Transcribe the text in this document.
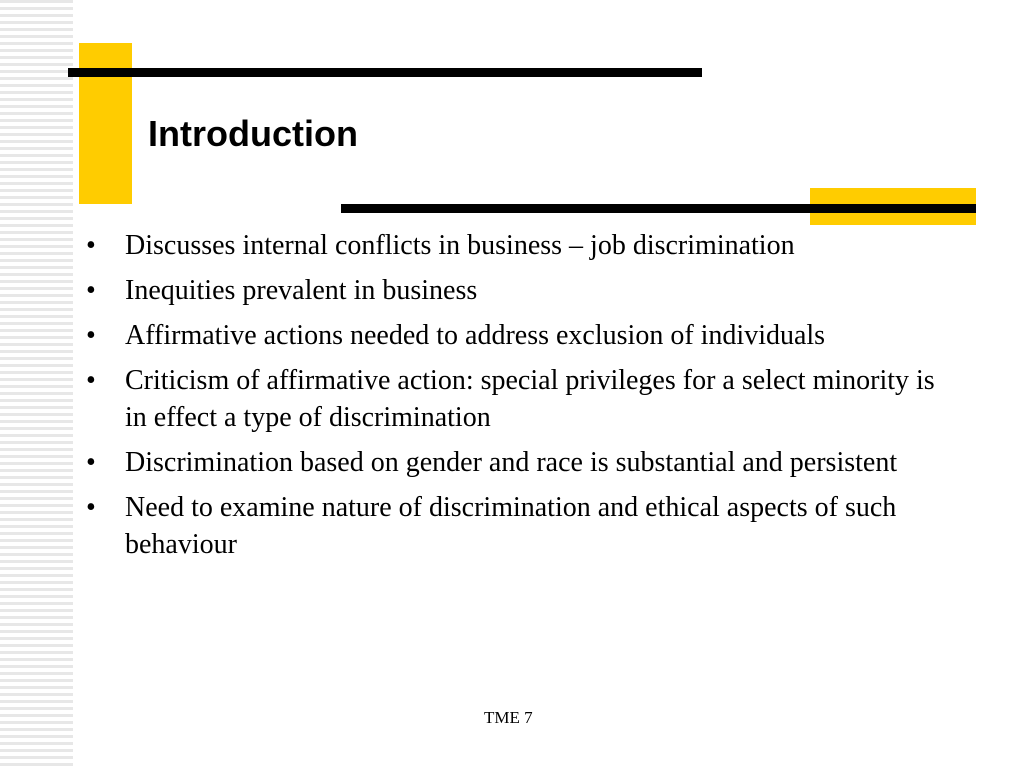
Introduction
• Discusses internal conflicts in business – job discrimination
• Inequities prevalent in business
• Affirmative actions needed to address exclusion of individuals
• Criticism of affirmative action: special privileges for a select minority is in effect a type of discrimination
• Discrimination based on gender and race is substantial and persistent
• Need to examine nature of discrimination and ethical aspects of such behaviour
TME 7
